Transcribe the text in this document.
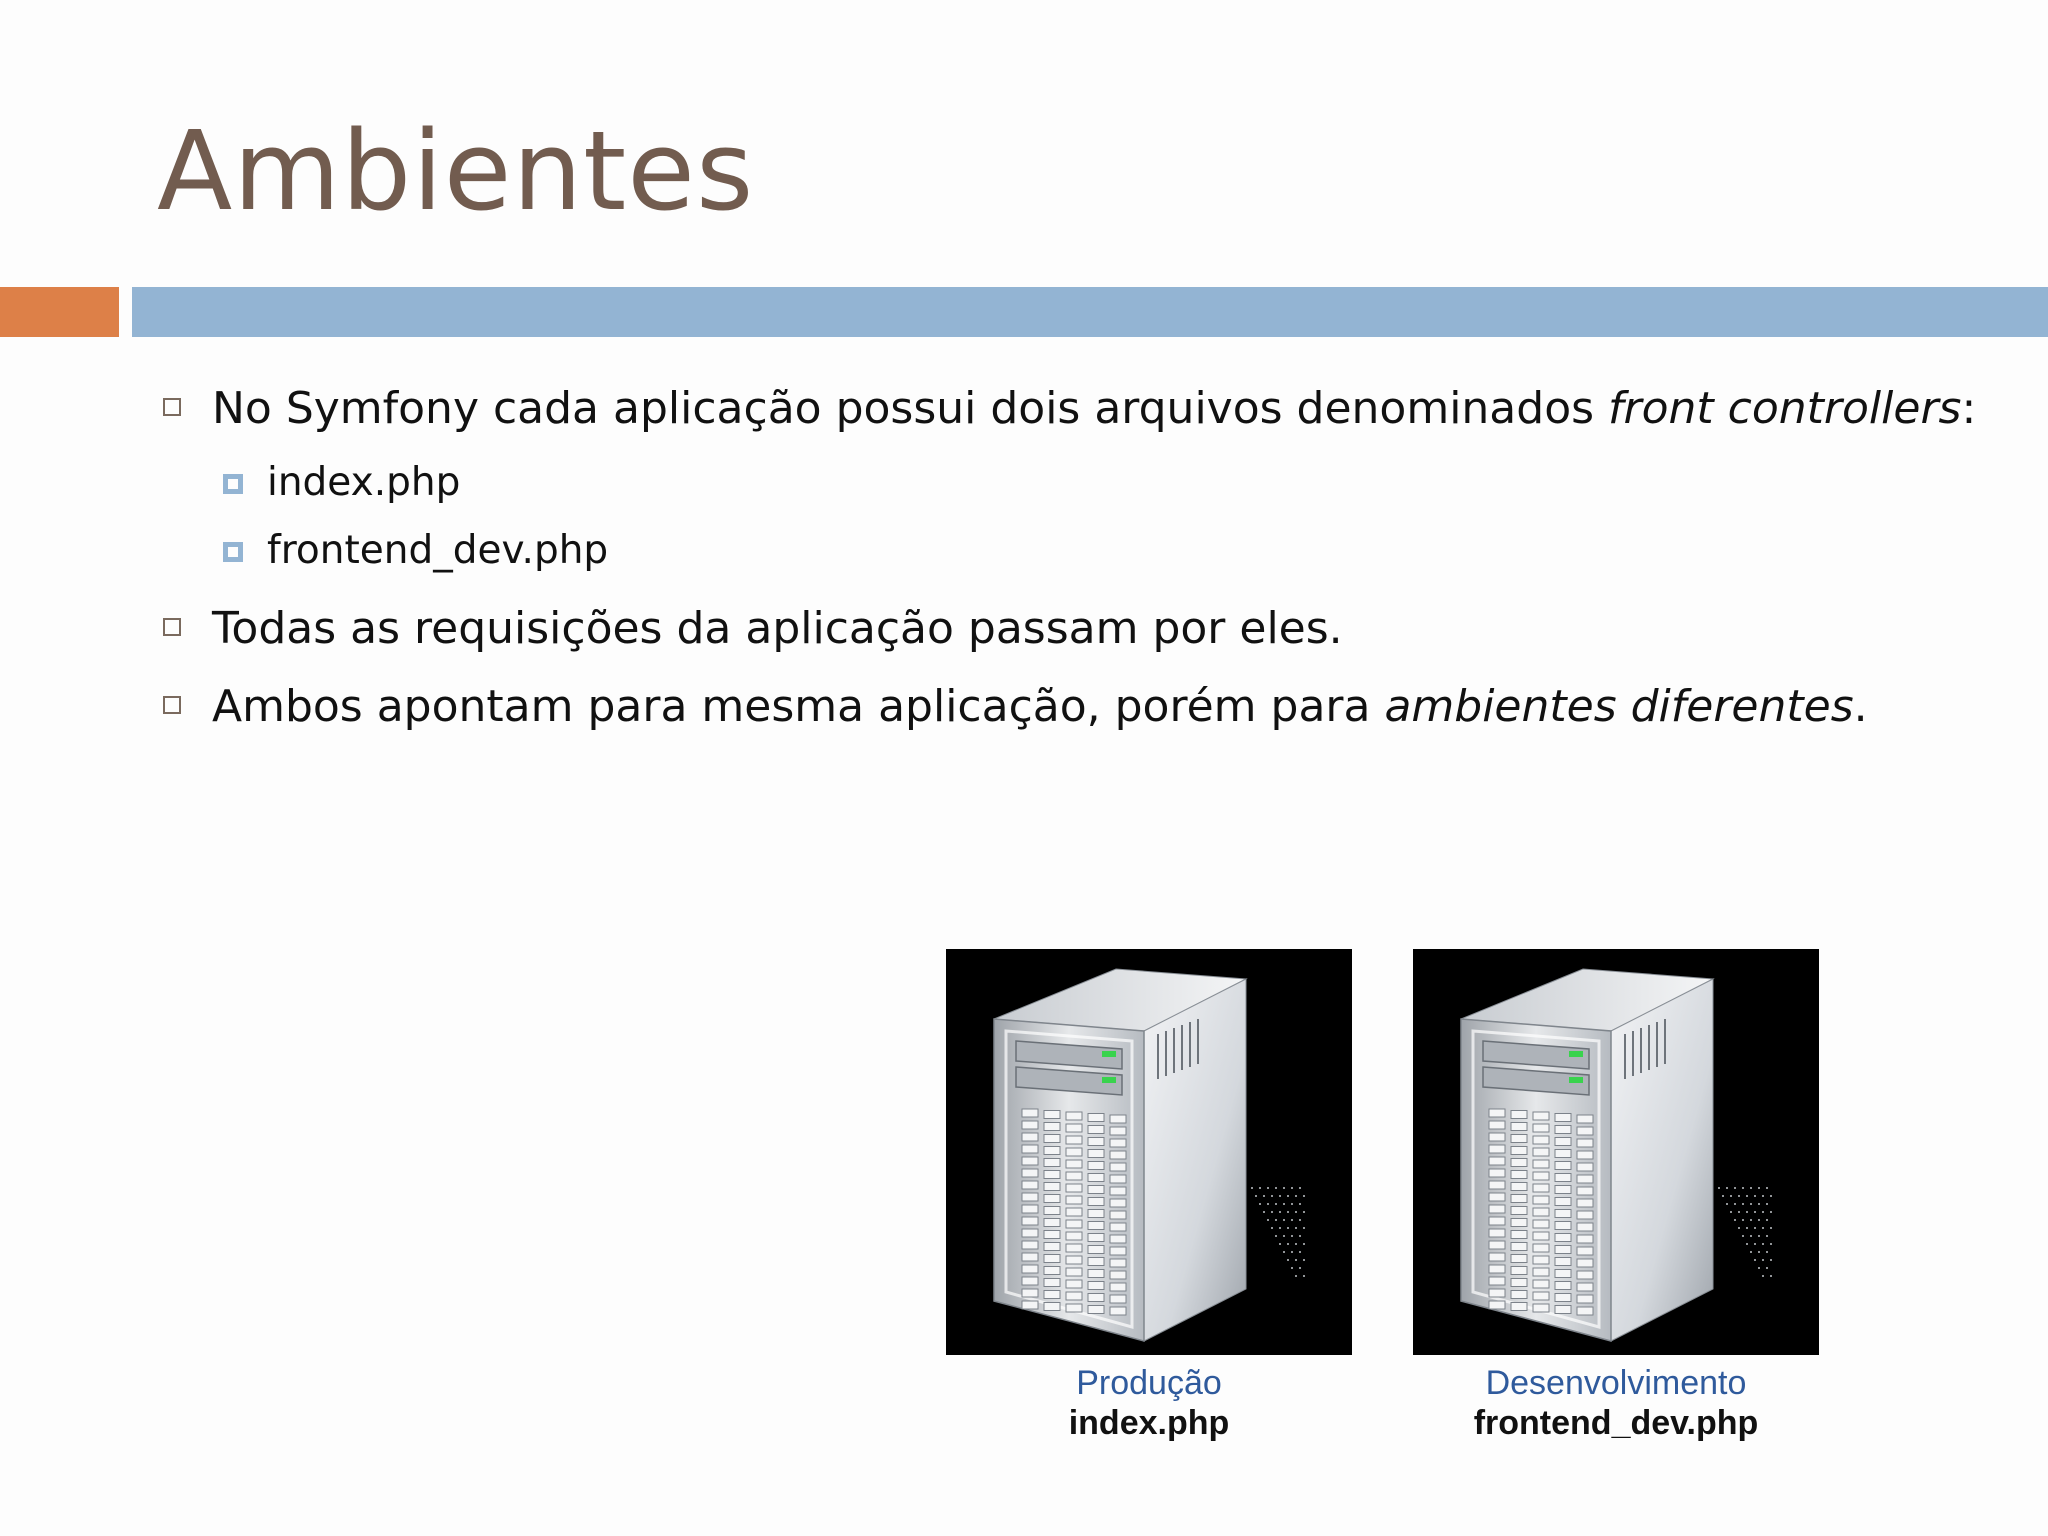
Ambientes
No Symfony cada aplicação possui dois arquivos denominados front controllers:
index.php
frontend_dev.php
Todas as requisições da aplicação passam por eles.
Ambos apontam para mesma aplicação, porém para ambientes diferentes.
Produção
index.php
Desenvolvimento
frontend_dev.php
